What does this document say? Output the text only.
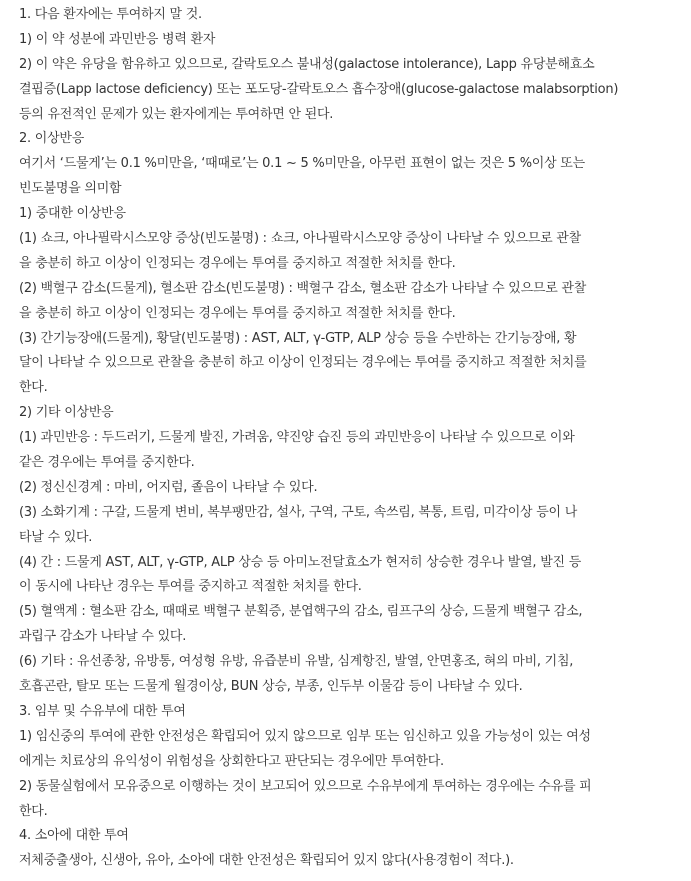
1. 다음 환자에는 투여하지 말 것.
1) 이 약 성분에 과민반응 병력 환자
2) 이 약은 유당을 함유하고 있으므로, 갈락토오스 불내성(galactose intolerance), Lapp 유당분해효소
결핍증(Lapp lactose deficiency) 또는 포도당-갈락토오스 흡수장애(glucose-galactose malabsorption)
등의 유전적인 문제가 있는 환자에게는 투여하면 안 된다.
2. 이상반응
여기서 ‘드물게’는 0.1 %미만을, ‘때때로’는 0.1 ~ 5 %미만을, 아무런 표현이 없는 것은 5 %이상 또는
빈도불명을 의미함
1) 중대한 이상반응
(1) 쇼크, 아나필락시스모양 증상(빈도불명) : 쇼크, 아나필락시스모양 증상이 나타날 수 있으므로 관찰
을 충분히 하고 이상이 인정되는 경우에는 투여를 중지하고 적절한 처치를 한다.
(2) 백혈구 감소(드물게), 혈소판 감소(빈도불명) : 백혈구 감소, 혈소판 감소가 나타날 수 있으므로 관찰
을 충분히 하고 이상이 인정되는 경우에는 투여를 중지하고 적절한 처치를 한다.
(3) 간기능장애(드물게), 황달(빈도불명) : AST, ALT, γ-GTP, ALP 상승 등을 수반하는 간기능장애, 황
달이 나타날 수 있으므로 관찰을 충분히 하고 이상이 인정되는 경우에는 투여를 중지하고 적절한 처치를
한다.
2) 기타 이상반응
(1) 과민반응 : 두드러기, 드물게 발진, 가려움, 약진양 습진 등의 과민반응이 나타날 수 있으므로 이와
같은 경우에는 투여를 중지한다.
(2) 정신신경계 : 마비, 어지럼, 졸음이 나타날 수 있다.
(3) 소화기계 : 구갈, 드물게 변비, 복부팽만감, 설사, 구역, 구토, 속쓰림, 복통, 트림, 미각이상 등이 나
타날 수 있다.
(4) 간 : 드물게 AST, ALT, γ-GTP, ALP 상승 등 아미노전달효소가 현저히 상승한 경우나 발열, 발진 등
이 동시에 나타난 경우는 투여를 중지하고 적절한 처치를 한다.
(5) 혈액계 : 혈소판 감소, 때때로 백혈구 분획증, 분엽핵구의 감소, 림프구의 상승, 드물게 백혈구 감소,
과립구 감소가 나타날 수 있다.
(6) 기타 : 유선종창, 유방통, 여성형 유방, 유즙분비 유발, 심계항진, 발열, 안면홍조, 혀의 마비, 기침,
호흡곤란, 탈모 또는 드물게 월경이상, BUN 상승, 부종, 인두부 이물감 등이 나타날 수 있다.
3. 임부 및 수유부에 대한 투여
1) 임신중의 투여에 관한 안전성은 확립되어 있지 않으므로 임부 또는 임신하고 있을 가능성이 있는 여성
에게는 치료상의 유익성이 위험성을 상회한다고 판단되는 경우에만 투여한다.
2) 동물실험에서 모유중으로 이행하는 것이 보고되어 있으므로 수유부에게 투여하는 경우에는 수유를 피
한다.
4. 소아에 대한 투여
저체중출생아, 신생아, 유아, 소아에 대한 안전성은 확립되어 있지 않다(사용경험이 적다.).
